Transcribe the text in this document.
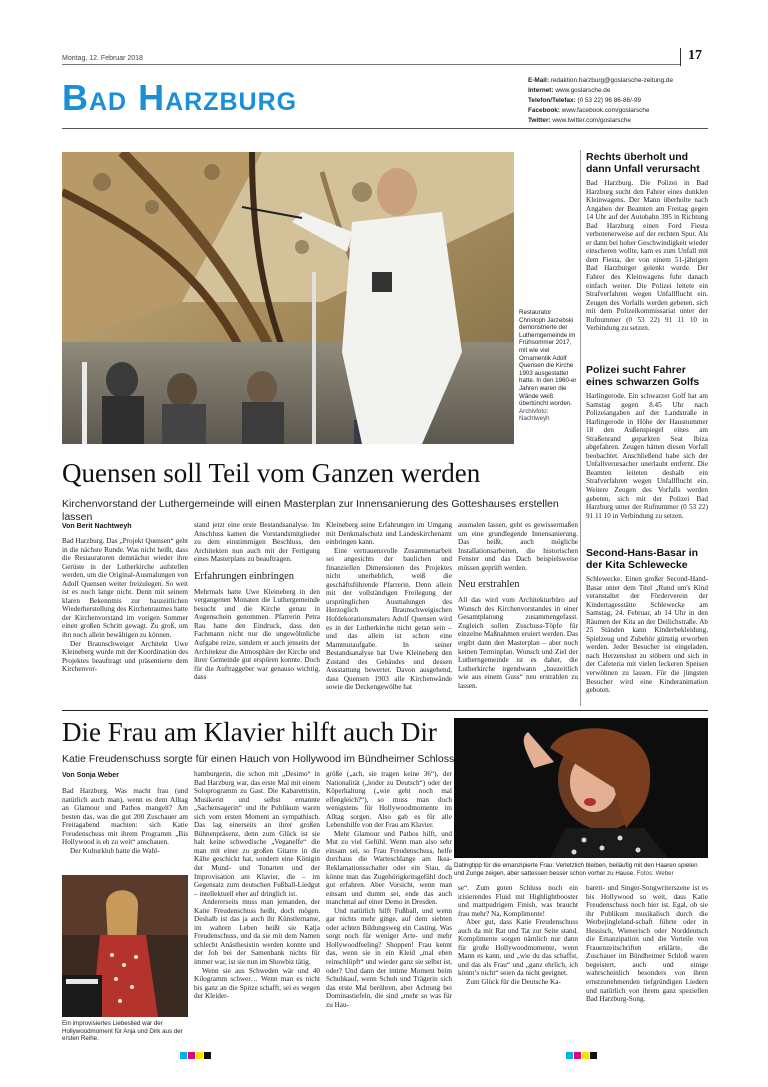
Montag, 12. Februar 2018	17
Bad Harzburg	E-Mail: redaktion.harzburg@goslarsche-zeitung.de
Internet: www.goslarsche.de
Telefon/Telefax: (0 53 22) 96 86-86/-99
Facebook: www.facebook.com/goslarsche
Twitter: www.twitter.com/goslarsche
Restaurator Christoph Jarzebski demonstrierte der Lutherngemeinde im Frühsommer 2017, mit wie viel Ornamentik Adolf Quensen die Kirche 1903 ausgestattet hatte. In den 1960-er Jahren waren die Wände weiß übertüncht worden.
Archivfoto: Nachtweyh
Quensen soll Teil vom Ganzen werden
Kirchenvorstand der Luthergemeinde will einen Masterplan zur Innensanierung des Gotteshauses erstellen lassen
Von Berit Nachtweyh

Bad Harzburg. Das „Projekt Quensen“ geht in die nächste Runde. Was nicht heißt, dass die Restauratoren demnächst wieder ihre Gerüste in der Lutherkirche aufstellen werden, um die Original-Ausmalungen von Adolf Quensen weiter freizulegen. So weit ist es noch lange nicht. Denn mit seinem klaren Bekenntnis zur bauzeitlichen Wiederherstellung des Kirchenraumes hatte der Kirchenvorstand im vorigen Sommer einen großen Schritt gewagt. Zu groß, um ihn noch allein bewältigen zu können.

Der Braunschweiger Architekt Uwe Kleineberg wurde mit der Koordination des Projektes beauftragt und präsentierte dem Kirchenvor-

stand jetzt eine erste Bestandsanalyse. Im Anschluss kamen die Vorstandsmitglieder zu dem einstimmigen Beschluss, den Architekten nun auch mit der Fertigung eines Masterplans zu beauftragen.

Erfahrungen einbringen

Mehrmals hatte Uwe Kleineberg in den vergangenen Monaten die Luthergemeinde besucht und die Kirche genau in Augenschein genommen. Pfarrerin Petra Rau hatte den Eindruck, dass den Fachmann nicht nur die ungewöhnliche Aufgabe reize, sondern er auch jenseits der Architektur die Atmosphäre der Kirche und ihrer Gemeinde gut erspüren konnte. Doch für die Auftraggeber war genauso wichtig, dass

Kleineberg seine Erfahrungen im Umgang mit Denkmalschutz und Landeskirchenamt einbringen kann.

Eine vertrauensvolle Zusammenarbeit sei angesichts der baulichen und finanziellen Dimensionen des Projektes nicht unerheblich, weiß die geschäftsführende Pfarrerin. Denn allein mit der vollständigen Freilegung der ursprünglichen Ausmalungen des Herzoglich Braunschweigischen Hofdekorationsmalers Adolf Quensen wird es in der Lutherkirche nicht getan sein – und das allein ist schon eine Mammutaufgabe. In seiner Bestandsanalyse hat Uwe Kleineberg den Zustand des Gebäudes und dessen Ausstattung bewertet. Davon ausgehend, dass Quensen 1903 alle Kirchenwände sowie die Deckengewölbe hat

ausmalen lassen, geht es gewissermaßen um eine grundlegende Innensanierung. Das heißt, auch mögliche Installationsarbeiten, die historischen Fenster und das Dach beispielsweise müssen geprüft werden.

Neu erstrahlen

All das wird vom Architekturbüro auf Wunsch des Kirchenvorstandes in einer Gesamtplanung zusammengefasst. Zugleich sollen Zuschuss-Töpfe für einzelne Maßnahmen eruiert werden. Das ergibt dann den Masterplan – aber noch keinen Terminplan. Wunsch und Ziel der Lutherngemeinde ist es daher, die Lutherkirche irgendwann „bauzeitlich wie aus einem Guss“ neu erstrahlen zu lassen.

Rechts überholt und dann Unfall verursacht
Bad Harzburg. Die Polizei in Bad Harzburg sucht den Fahrer eines dunklen Kleinwagens. Der Mann überholte nach Angaben der Beamten am Freitag gegen 14 Uhr auf der Autobahn 395 in Richtung Bad Harzburg einen Ford Fiesta verbotenerweise auf der rechten Spur. Als er dann bei hoher Geschwindigkeit wieder einscheren wollte, kam es zum Unfall mit dem Fiesta, der von einem 51-jährigen Bad Harzburger gelenkt wurde. Der Fahrer des Kleinwagens fuhr danach einfach weiter. Die Polizei leitete ein Strafverfahren wegen Unfallflucht ein. Zeugen des Vorfalls werden gebeten, sich mit dem Polizeikommissariat unter der Rufnummer (0 53 22) 91 11 10 in Verbindung zu setzen.
Polizei sucht Fahrer eines schwarzen Golfs
Harlingerode. Ein schwarzer Golf hat am Samstag gegen 8.45 Uhr nach Polizeiangaben auf der Landstraße in Harlingerode in Höhe der Hausnummer 18 den Außenspiegel eines am Straßenrand geparkten Seat Ibiza abgefahren. Zeugen hätten diesen Vorfall beobachtet. Anschließend habe sich der Unfallverursacher unerlaubt entfernt. Die Beamten leiteten deshalb ein Strafverfahren wegen Unfallflucht ein. Weitere Zeugen des Vorfalls werden gebeten, sich mit der Polizei Bad Harzburg unter der Rufnummer (0 53 22) 91 11 10 in Verbindung zu setzen.
Second-Hans-Basar in der Kita Schlewecke
Schlewecke. Einen großer Second-Hand-Basar unter dem Titel „Rund um's Kind veranstaltet der Förderverein der Kindertagesstätte Schlewecke am Samstag, 24. Februar, ab 14 Uhr in den Räumen der Kita an der Deilichstraße. Ab 25 Ständen kann Kinderbekleidung, Spielzeug und Zubehör günstig erworben werden. Jeder Besucher ist eingeladen, nach Herzenslust zu stöbern und sich in der Cafeteria mit vielen leckeren Speisen verwöhnen zu lassen. Für die jüngsten Besucher wird eine Kinderanimation geboten.
Die Frau am Klavier hilft auch Dir
Katie Freudenschuss sorgte für einen Hauch von Hollywood im Bündheimer Schloss
Von Sonja Weber

Bad Harzburg. Was macht frau (und natürlich auch man), wenn es dem Alltag an Glamour und Pathos mangelt? Am besten das, was die gut 200 Zuschauer am Freitagabend machten: sich Katie Freudenschuss mit ihrem Programm „Bis Hollywood is eh zu weit“ anschauen.

Der Kulturklub hatte die Wahl-

Ein improvisiertes Liebeslied war der Hollywoodmoment für Anja und Dirk aus der ersten Reihe.

hamburgerin, die schon mit „Desimo“ in Bad Harzburg war, das erste Mal mit einem Soloprogramm zu Gast. Die Kabarettistin, Musikerin und selbst ernannte „Sachensagerin“ und ihr Publikum waren sich vom ersten Moment an sympathisch. Das lag einerseits an ihrer großen Bühnenpräsenz, denn zum Glück ist sie halt keine schwedische „Veganelfe“ die man mit einer zu großen Gitarre in die Kälte geschickt hat, sondern eine Königin der Mund- und Tonarten und der Improvisation am Klavier, die – im Gegensatz zum deutschen Fußball-Liedgut – intellektuell eher auf dringlich ist.

Andererseits muss man jemanden, der Katie Freudenschuss heißt, doch mögen. Deshalb ist das ja auch ihr Künstlername, im wahren Leben heißt sie Katja Freudenschuss, und da sie mit dem Namen schlecht Anästhesistin werden konnte und der Job bei der Samenbank nichts für immer war, ist sie nun im Showbiz tätig.

Wenn sie aus Schweden wär und 40 Kilogramm schwer… Wenn man es nicht bis ganz an die Spitze schafft, sei es wegen der Kleider-

größe („ach, sie tragen keine 36“), der Nationalität („leider zu Deutsch“) oder der Köperhaltung („wie geht noch mal elfengleich?“), so muss man doch wenigstens für Hollywoodmomente im Alltag sorgen. Also gab es für alle Lebenshilfe von der Frau am Klavier.

Mehr Glamour und Pathos hilft, und Mut zu viel Gefühl. Wenn man also sehr einsam sei, so Frau Freudenschuss, helfe durchaus die Warteschlange am Ikea-Reklamationsschalter oder ein Stau, da könne man das Zugehörigkeitsgefühl doch gut erfahren. Aber Vorsicht, wenn man einsam und dumm sei, ende das auch manchmal auf einer Demo in Dresden.

Und natürlich hilft Fußball, und wenn gar nichts mehr ginge, auf dem siebten oder achten Bildungsweg ein Casting. Was sorgt noch für weniger Arte- und mehr Hollywoodfeeling? Shoppen! Frau kennt das, wenn sie in ein Kleid „mal eben reinschlüpft“ und wieder ganz sie selbst ist, oder? Und dann der intime Moment beim Schuhkauf, wenn Schuh und Trägerin sich das erste Mal berühren, aber Achtung bei Dominastiefeln, die sind „mehr so was für zu Hau-

Datingtipp für die emanzipierte Frau: Verletzlich bleiben, beiläufig mit den Haaren spielen und Zunge zeigen, aber sattessen besser schon vorher zu Hause. Fotos: Weber

se“. Zum guten Schluss noch ein irisierendes Fluid mit Highlightbooster und mattpudrigem Finish, was braucht frau mehr? Na, Komplimente!

Aber gut, dass Katie Freudenschuss auch da mit Rat und Tat zur Seite stand. Komplimente sorgen nämlich nur dann für große Hollywoodmomente, wenn Mann es kann, und „wie du das schaffst, und das als Frau“ und „ganz ehrlich, ich könnt’s nicht“ seien da nicht geeignet.

Zum Glück für die Deutsche Ka-

barett- und Singer-Songwriterszene ist es bis Hollywood so weit, dass Katie Freudenschuss noch hier ist. Egal, ob sie ihr Publikum musikalisch durch die Werbejingleland-schaft führte oder in Hessisch, Wienerisch oder Norddeutsch die Emanzipation und die Vorteile von Frauenzeitschriften erklärte, die Zuschauer im Bündheimer Schloß waren begeistert, auch und einige wahrscheinlich besonders von ihren ernstzunehmenden tiefgründigen Liedern und natürlich von ihrem ganz speziellen Bad Harzburg-Song.
